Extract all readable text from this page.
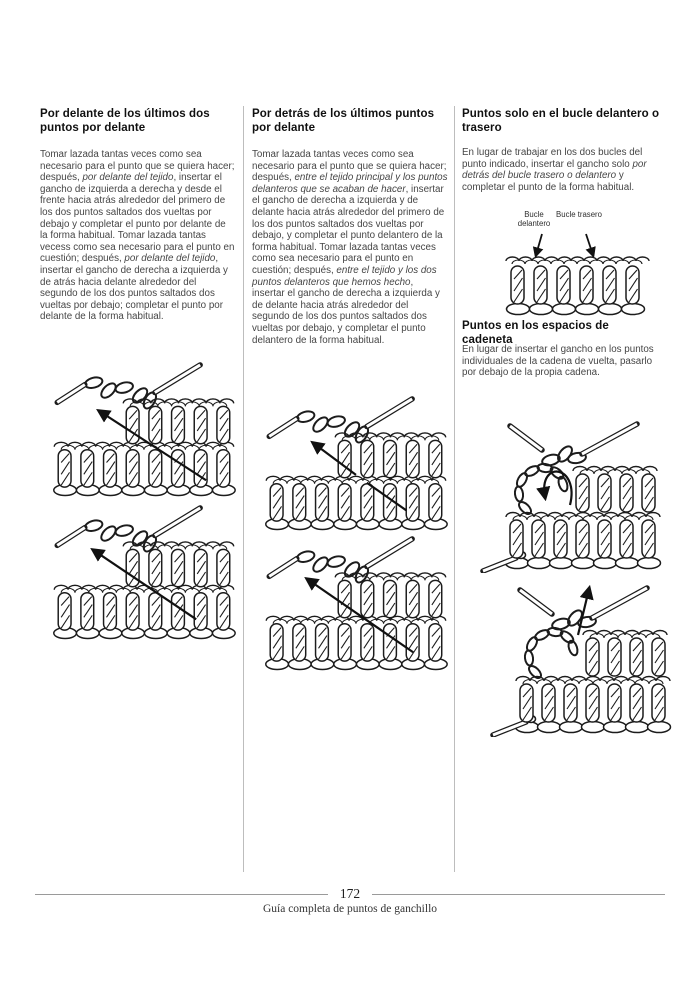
Por delante de los últimos dos puntos por delante

Tomar lazada tantas veces como sea necesario para el punto que se quiera hacer; después, por delante del tejido, insertar el gancho de izquierda a derecha y desde el frente hacia atrás alrededor del primero de los dos puntos saltados dos vueltas por debajo y completar el punto por delante de la forma habitual. Tomar lazada tantas vecess como sea necesario para el punto en cuestión; después, por delante del tejido, insertar el gancho de derecha a izquierda y de atrás hacia delante alrededor del segundo de los dos puntos saltados dos vueltas por debajo; completar el punto por delante de la forma habitual.

Por detrás de los últimos puntos por delante

Tomar lazada tantas veces como sea necesario para el punto que se quiera hacer; después, entre el tejido principal y los puntos delanteros que se acaban de hacer, insertar el gancho de derecha a izquierda y de delante hacia atrás alrededor del primero de los dos puntos saltados dos vueltas por debajo, y completar el punto delantero de la forma habitual. Tomar lazada tantas veces como sea necesario para el punto en cuestión; después, entre el tejido y los dos puntos delanteros que hemos hecho, insertar el gancho de derecha a izquierda y de delante hacia atrás alrededor del segundo de los dos puntos saltados dos vueltas por debajo, y completar el punto delantero de la forma habitual.

Puntos solo en el bucle delantero o trasero

En lugar de trabajar en los dos bucles del punto indicado, insertar el gancho solo por detrás del bucle trasero o delantero y completar el punto de la forma habitual.

Bucle delantero
Bucle trasero
Puntos en los espacios de cadeneta

En lugar de insertar el gancho en los puntos individuales de la cadena de vuelta, pasarlo por debajo de la propia cadena.

172
Guía completa de puntos de ganchillo
